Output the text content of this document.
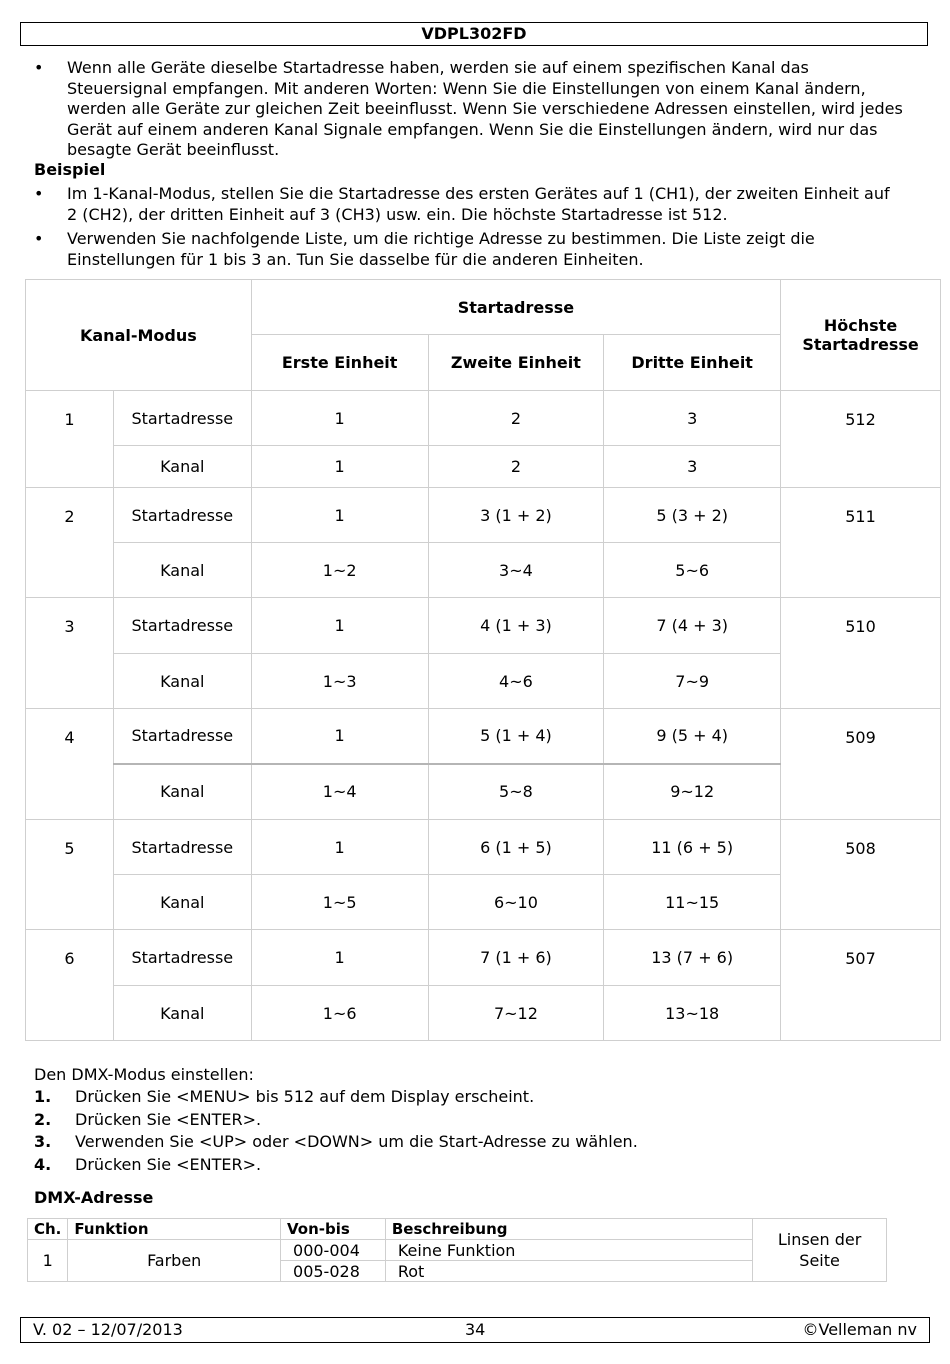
VDPL302FD
• Wenn alle Geräte dieselbe Startadresse haben, werden sie auf einem spezifischen Kanal das Steuersignal empfangen. Mit anderen Worten: Wenn Sie die Einstellungen von einem Kanal ändern, werden alle Geräte zur gleichen Zeit beeinflusst. Wenn Sie verschiedene Adressen einstellen, wird jedes Gerät auf einem anderen Kanal Signale empfangen. Wenn Sie die Einstellungen ändern, wird nur das besagte Gerät beeinflusst.
Beispiel
• Im 1-Kanal-Modus, stellen Sie die Startadresse des ersten Gerätes auf 1 (CH1), der zweiten Einheit auf 2 (CH2), der dritten Einheit auf 3 (CH3) usw. ein. Die höchste Startadresse ist 512.
• Verwenden Sie nachfolgende Liste, um die richtige Adresse zu bestimmen. Die Liste zeigt die Einstellungen für 1 bis 3 an. Tun Sie dasselbe für die anderen Einheiten.
Kanal-Modus		Startadresse			Höchste Startadresse
		Erste Einheit	Zweite Einheit	Dritte Einheit	
1	Startadresse	1	2	3	512
	Kanal	1	2	3	
2	Startadresse	1	3 (1 + 2)	5 (3 + 2)	511
	Kanal	1~2	3~4	5~6	
3	Startadresse	1	4 (1 + 3)	7 (4 + 3)	510
	Kanal	1~3	4~6	7~9	
4	Startadresse	1	5 (1 + 4)	9 (5 + 4)	509
	Kanal	1~4	5~8	9~12	
5	Startadresse	1	6 (1 + 5)	11 (6 + 5)	508
	Kanal	1~5	6~10	11~15	
6	Startadresse	1	7 (1 + 6)	13 (7 + 6)	507
	Kanal	1~6	7~12	13~18	
Den DMX-Modus einstellen:
1. Drücken Sie <MENU> bis 512 auf dem Display erscheint.
2. Drücken Sie <ENTER>.
3. Verwenden Sie <UP> oder <DOWN> um die Start-Adresse zu wählen.
4. Drücken Sie <ENTER>.
DMX-Adresse
Ch.	Funktion	Von-bis	Beschreibung	Linsen der Seite
1	Farben	000-004	Keine Funktion	
		005-028	Rot	
V. 02 – 12/07/2013	34	©Velleman nv
